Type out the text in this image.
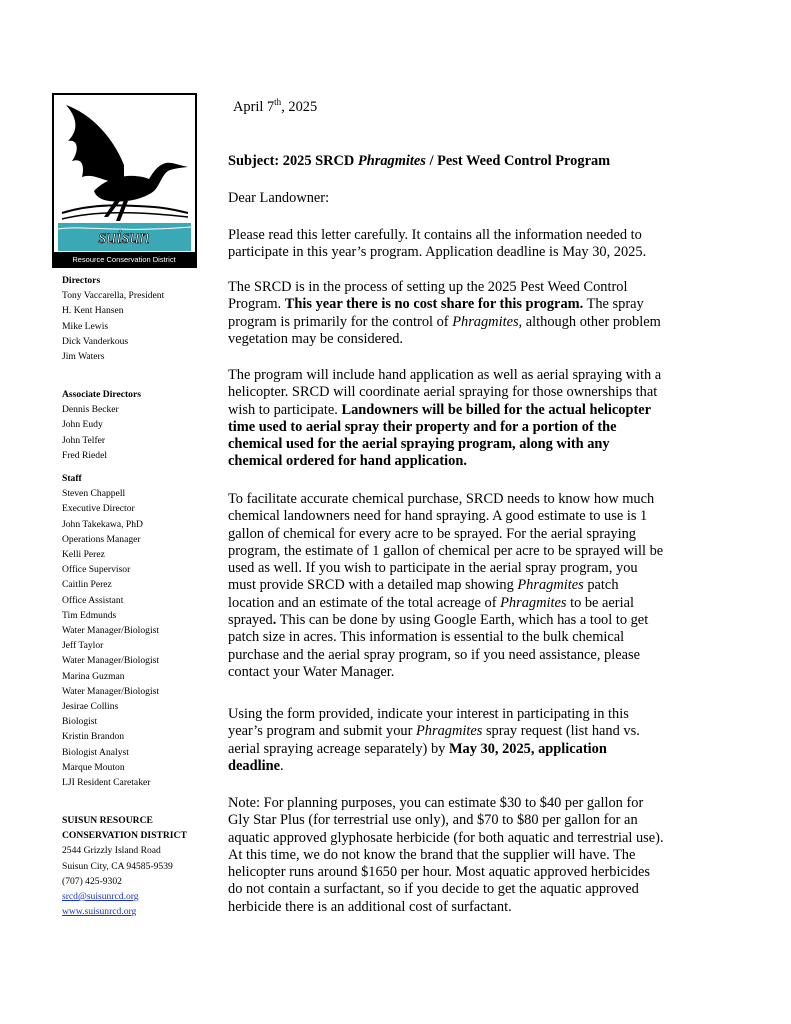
suisun
Resource Conservation District
Directors
Tony Vaccarella, President
H. Kent Hansen
Mike Lewis
Dick Vanderkous
Jim Waters
Associate Directors
Dennis Becker
John Eudy
John Telfer
Fred Riedel
Staff
Steven Chappell
Executive Director
John Takekawa, PhD
Operations Manager
Kelli Perez
Office Supervisor
Caitlin Perez
Office Assistant
Tim Edmunds
Water Manager/Biologist
Jeff Taylor
Water Manager/Biologist
Marina Guzman
Water Manager/Biologist
Jesirae Collins
Biologist
Kristin Brandon
Biologist Analyst
Marque Mouton
LJI Resident Caretaker
SUISUN RESOURCE
CONSERVATION DISTRICT
2544 Grizzly Island Road
Suisun City, CA 94585-9539
(707) 425-9302
srcd@suisunrcd.org
www.suisunrcd.org
April 7th, 2025
Subject: 2025 SRCD Phragmites / Pest Weed Control Program
Dear Landowner:
Please read this letter carefully. It contains all the information needed to
participate in this year’s program. Application deadline is May 30, 2025.
The SRCD is in the process of setting up the 2025 Pest Weed Control
Program. This year there is no cost share for this program. The spray
program is primarily for the control of Phragmites, although other problem
vegetation may be considered.
The program will include hand application as well as aerial spraying with a
helicopter. SRCD will coordinate aerial spraying for those ownerships that
wish to participate. Landowners will be billed for the actual helicopter
time used to aerial spray their property and for a portion of the
chemical used for the aerial spraying program, along with any
chemical ordered for hand application.
To facilitate accurate chemical purchase, SRCD needs to know how much
chemical landowners need for hand spraying. A good estimate to use is 1
gallon of chemical for every acre to be sprayed. For the aerial spraying
program, the estimate of 1 gallon of chemical per acre to be sprayed will be
used as well. If you wish to participate in the aerial spray program, you
must provide SRCD with a detailed map showing Phragmites patch
location and an estimate of the total acreage of Phragmites to be aerial
sprayed. This can be done by using Google Earth, which has a tool to get
patch size in acres. This information is essential to the bulk chemical
purchase and the aerial spray program, so if you need assistance, please
contact your Water Manager.
Using the form provided, indicate your interest in participating in this
year’s program and submit your Phragmites spray request (list hand vs.
aerial spraying acreage separately) by May 30, 2025, application
deadline.
Note: For planning purposes, you can estimate $30 to $40 per gallon for
Gly Star Plus (for terrestrial use only), and $70 to $80 per gallon for an
aquatic approved glyphosate herbicide (for both aquatic and terrestrial use).
At this time, we do not know the brand that the supplier will have. The
helicopter runs around $1650 per hour. Most aquatic approved herbicides
do not contain a surfactant, so if you decide to get the aquatic approved
herbicide there is an additional cost of surfactant.
